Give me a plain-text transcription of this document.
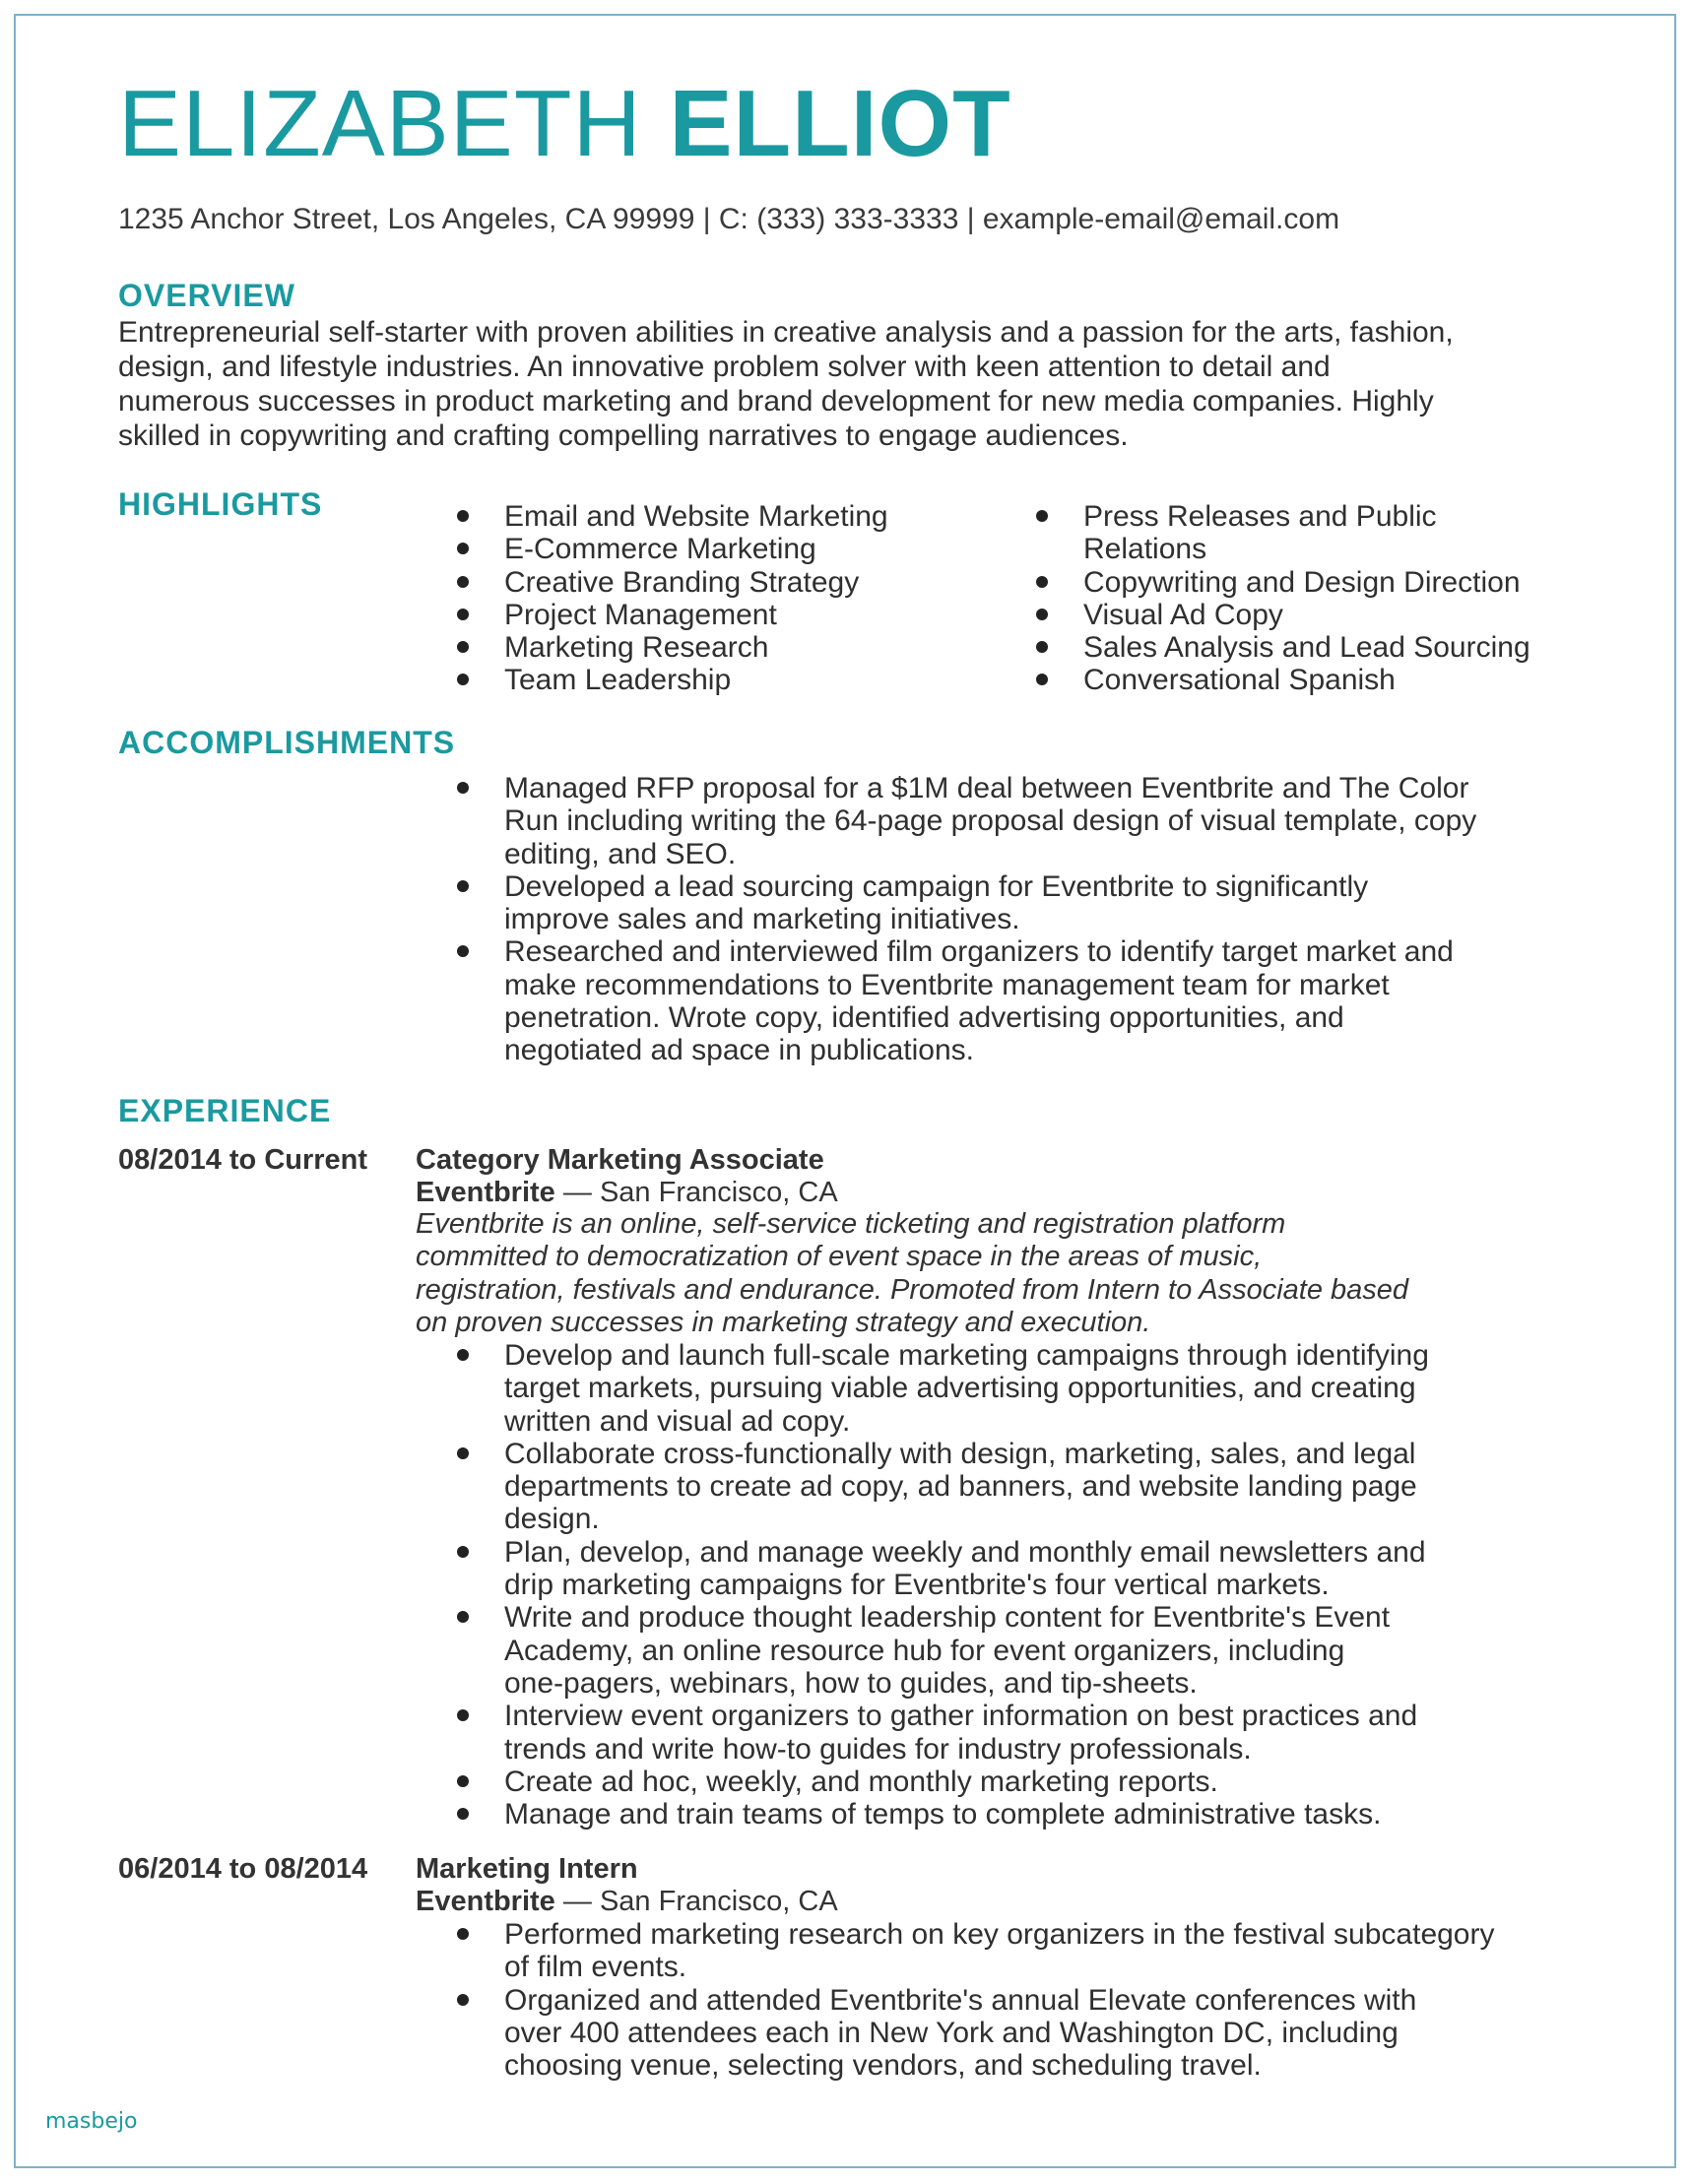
ELIZABETH ELLIOT
1235 Anchor Street, Los Angeles, CA 99999 | C: (333) 333-3333 | example-email@email.com
OVERVIEW
Entrepreneurial self-starter with proven abilities in creative analysis and a passion for the arts, fashion,
design, and lifestyle industries. An innovative problem solver with keen attention to detail and
numerous successes in product marketing and brand development for new media companies. Highly
skilled in copywriting and crafting compelling narratives to engage audiences.
HIGHLIGHTS	Email and Website Marketing
E-Commerce Marketing
Creative Branding Strategy
Project Management
Marketing Research
Team Leadership
Press Releases and Public
Relations
Copywriting and Design Direction
Visual Ad Copy
Sales Analysis and Lead Sourcing
Conversational Spanish
ACCOMPLISHMENTS
Managed RFP proposal for a $1M deal between Eventbrite and The Color
Run including writing the 64-page proposal design of visual template, copy
editing, and SEO.
Developed a lead sourcing campaign for Eventbrite to significantly
improve sales and marketing initiatives.
Researched and interviewed film organizers to identify target market and
make recommendations to Eventbrite management team for market
penetration. Wrote copy, identified advertising opportunities, and
negotiated ad space in publications.
EXPERIENCE
08/2014 to Current Category Marketing Associate
Eventbrite — San Francisco, CA
Eventbrite is an online, self-service ticketing and registration platform
committed to democratization of event space in the areas of music,
registration, festivals and endurance. Promoted from Intern to Associate based
on proven successes in marketing strategy and execution.
Develop and launch full-scale marketing campaigns through identifying
target markets, pursuing viable advertising opportunities, and creating
written and visual ad copy.
Collaborate cross-functionally with design, marketing, sales, and legal
departments to create ad copy, ad banners, and website landing page
design.
Plan, develop, and manage weekly and monthly email newsletters and
drip marketing campaigns for Eventbrite's four vertical markets.
Write and produce thought leadership content for Eventbrite's Event
Academy, an online resource hub for event organizers, including
one-pagers, webinars, how to guides, and tip-sheets.
Interview event organizers to gather information on best practices and
trends and write how-to guides for industry professionals.
Create ad hoc, weekly, and monthly marketing reports.
Manage and train teams of temps to complete administrative tasks.
06/2014 to 08/2014 Marketing Intern
Eventbrite — San Francisco, CA
Performed marketing research on key organizers in the festival subcategory
of film events.
Organized and attended Eventbrite's annual Elevate conferences with
over 400 attendees each in New York and Washington DC, including
choosing venue, selecting vendors, and scheduling travel.
masbejo
